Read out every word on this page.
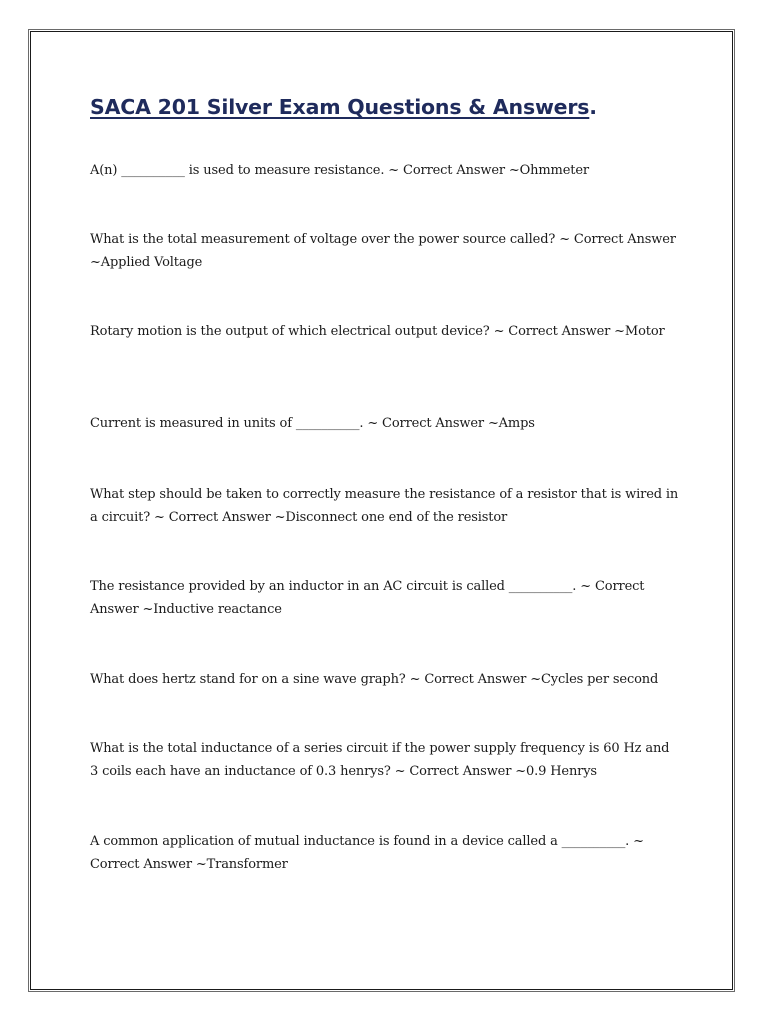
SACA 201 Silver Exam Questions & Answers.

A(n) __________ is used to measure resistance. ~ Correct Answer ~Ohmmeter

What is the total measurement of voltage over the power source called? ~ Correct Answer ~Applied Voltage

Rotary motion is the output of which electrical output device? ~ Correct Answer ~Motor

Current is measured in units of __________. ~ Correct Answer ~Amps

What step should be taken to correctly measure the resistance of a resistor that is wired in a circuit? ~ Correct Answer ~Disconnect one end of the resistor

The resistance provided by an inductor in an AC circuit is called __________. ~ Correct Answer ~Inductive reactance

What does hertz stand for on a sine wave graph? ~ Correct Answer ~Cycles per second

What is the total inductance of a series circuit if the power supply frequency is 60 Hz and 3 coils each have an inductance of 0.3 henrys? ~ Correct Answer ~0.9 Henrys

A common application of mutual inductance is found in a device called a __________. ~ Correct Answer ~Transformer
